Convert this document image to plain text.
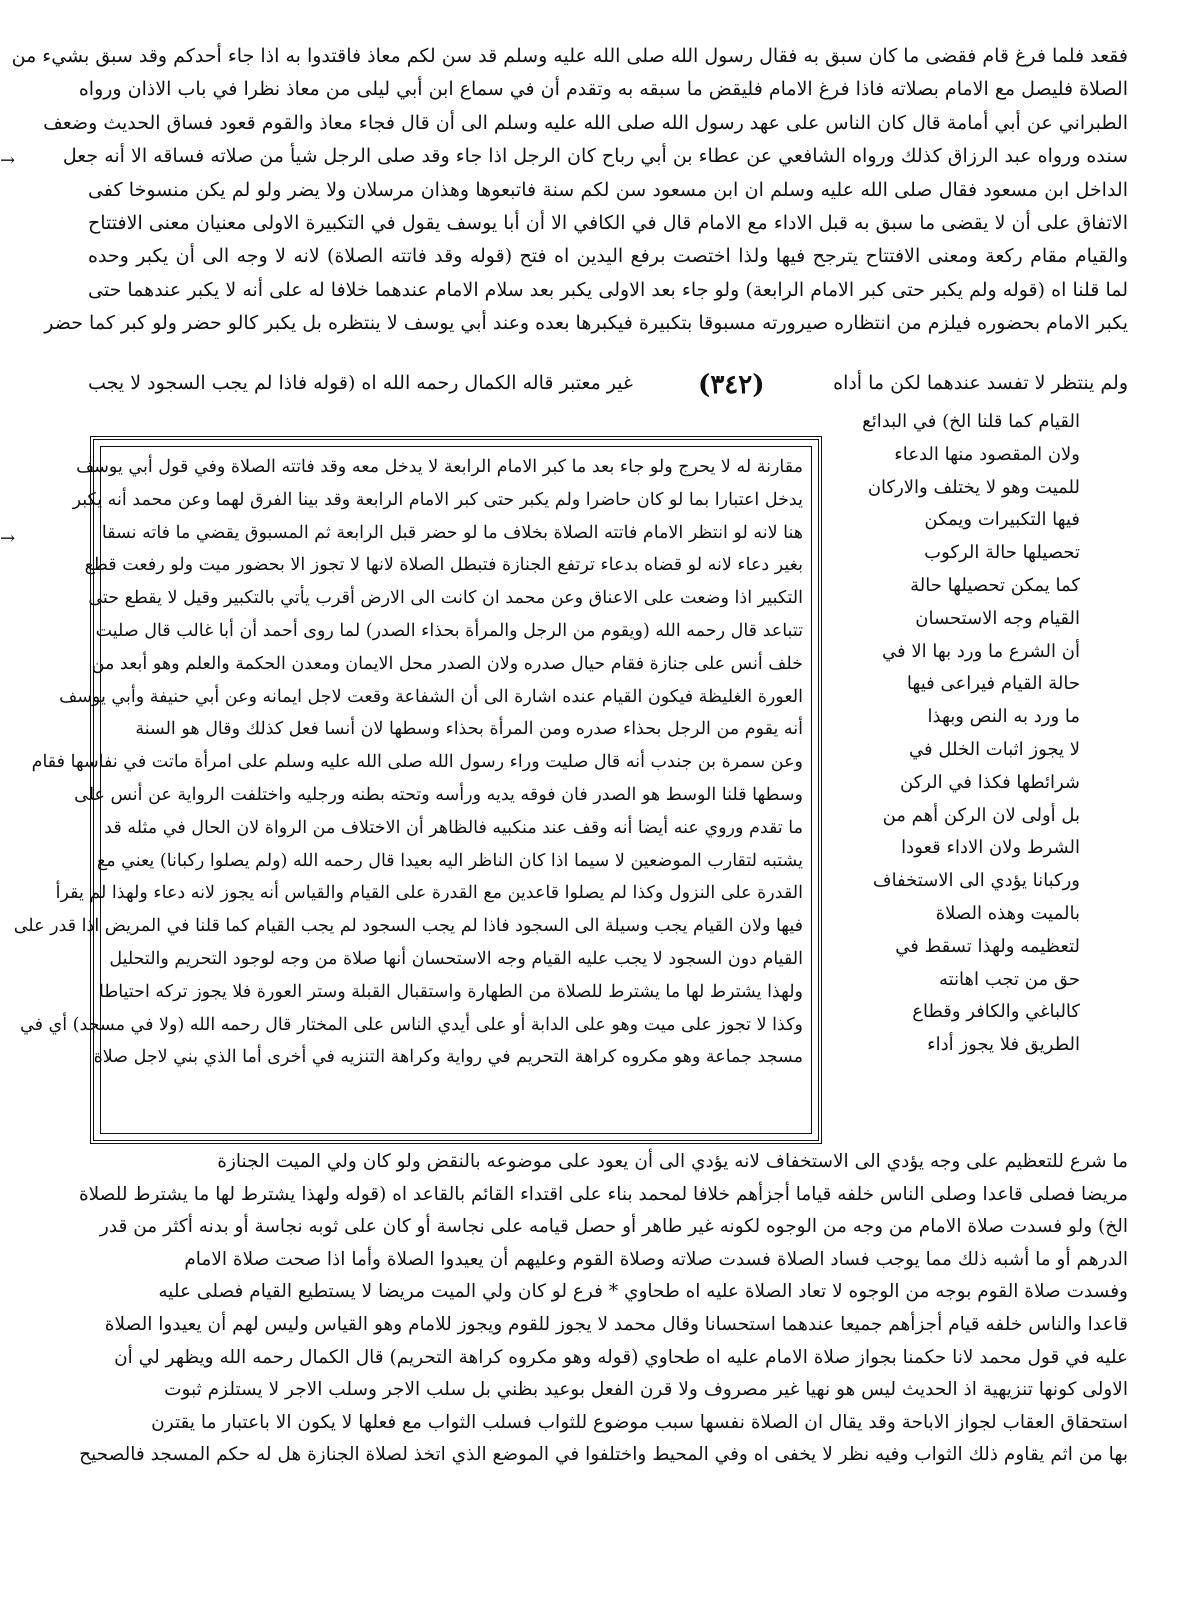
فقعد فلما فرغ قام فقضى ما كان سبق به فقال رسول الله صلى الله عليه وسلم قد سن لكم معاذ فاقتدوا به اذا جاء أحدكم وقد سبق بشيء من

الصلاة فليصل مع الامام بصلاته فاذا فرغ الامام فليقض ما سبقه به وتقدم أن في سماع ابن أبي ليلى من معاذ نظرا في باب الاذان ورواه

الطبراني عن أبي أمامة قال كان الناس على عهد رسول الله صلى الله عليه وسلم الى أن قال فجاء معاذ والقوم قعود فساق الحديث وضعف

سنده ورواه عبد الرزاق كذلك ورواه الشافعي عن عطاء بن أبي رباح كان الرجل اذا جاء وقد صلى الرجل شيأ من صلاته فساقه الا أنه جعل

الداخل ابن مسعود فقال صلى الله عليه وسلم ان ابن مسعود سن لكم سنة فاتبعوها وهذان مرسلان ولا يضر ولو لم يكن منسوخا كفى

الاتفاق على أن لا يقضى ما سبق به قبل الاداء مع الامام قال في الكافي الا أن أبا يوسف يقول في التكبيرة الاولى معنيان معنى الافتتاح

والقيام مقام ركعة ومعنى الافتتاح يترجح فيها ولذا اختصت برفع اليدين اه فتح (قوله وقد فاتته الصلاة) لانه لا وجه الى أن يكبر وحده

لما قلنا اه (قوله ولم يكبر حتى كبر الامام الرابعة) ولو جاء بعد الاولى يكبر بعد سلام الامام عندهما خلافا له على أنه لا يكبر عندهما حتى

يكبر الامام بحضوره فيلزم من انتظاره صيرورته مسبوقا بتكبيرة فيكبرها بعده وعند أبي يوسف لا ينتظره بل يكبر كالو حضر ولو كبر كما حضر

ولم ينتظر لا تفسد عندهما لكن ما أداه
(٣٤٢)
غير معتبر قاله الكمال رحمه الله اه (قوله فاذا لم يجب السجود لا يجب

القيام كما قلنا الخ) في البدائع

ولان المقصود منها الدعاء

للميت وهو لا يختلف والاركان

فيها التكبيرات ويمكن

تحصيلها حالة الركوب

كما يمكن تحصيلها حالة

القيام وجه الاستحسان

أن الشرع ما ورد بها الا في

حالة القيام فيراعى فيها

ما ورد به النص وبهذا

لا يجوز اثبات الخلل في

شرائطها فكذا في الركن

بل أولى لان الركن أهم من

الشرط ولان الاداء قعودا

وركبانا يؤدي الى الاستخفاف

بالميت وهذه الصلاة

لتعظيمه ولهذا تسقط في

حق من تجب اهانته

كالباغي والكافر وقطاع

الطريق فلا يجوز أداء

مقارنة له لا يحرج ولو جاء بعد ما كبر الامام الرابعة لا يدخل معه وقد فاتته الصلاة وفي قول أبي يوسف

يدخل اعتبارا بما لو كان حاضرا ولم يكبر حتى كبر الامام الرابعة وقد بينا الفرق لهما وعن محمد أنه يكبر

هنا لانه لو انتظر الامام فاتته الصلاة بخلاف ما لو حضر قبل الرابعة ثم المسبوق يقضي ما فاته نسقا

بغير دعاء لانه لو قضاه بدعاء ترتفع الجنازة فتبطل الصلاة لانها لا تجوز الا بحضور ميت ولو رفعت قطع

التكبير اذا وضعت على الاعناق وعن محمد ان كانت الى الارض أقرب يأتي بالتكبير وقيل لا يقطع حتى

تتباعد قال رحمه الله (ويقوم من الرجل والمرأة بحذاء الصدر) لما روى أحمد أن أبا غالب قال صليت

خلف أنس على جنازة فقام حيال صدره ولان الصدر محل الايمان ومعدن الحكمة والعلم وهو أبعد من

العورة الغليظة فيكون القيام عنده اشارة الى أن الشفاعة وقعت لاجل ايمانه وعن أبي حنيفة وأبي يوسف

أنه يقوم من الرجل بحذاء صدره ومن المرأة بحذاء وسطها لان أنسا فعل كذلك وقال هو السنة

وعن سمرة بن جندب أنه قال صليت وراء رسول الله صلى الله عليه وسلم على امرأة ماتت في نفاسها فقام

وسطها قلنا الوسط هو الصدر فان فوقه يديه ورأسه وتحته بطنه ورجليه واختلفت الرواية عن أنس على

ما تقدم وروي عنه أيضا أنه وقف عند منكبيه فالظاهر أن الاختلاف من الرواة لان الحال في مثله قد

يشتبه لتقارب الموضعين لا سيما اذا كان الناظر اليه بعيدا قال رحمه الله (ولم يصلوا ركبانا) يعني مع

القدرة على النزول وكذا لم يصلوا قاعدين مع القدرة على القيام والقياس أنه يجوز لانه دعاء ولهذا لم يقرأ

فيها ولان القيام يجب وسيلة الى السجود فاذا لم يجب السجود لم يجب القيام كما قلنا في المريض اذا قدر على

القيام دون السجود لا يجب عليه القيام وجه الاستحسان أنها صلاة من وجه لوجود التحريم والتحليل

ولهذا يشترط لها ما يشترط للصلاة من الطهارة واستقبال القبلة وستر العورة فلا يجوز تركه احتياطا

وكذا لا تجوز على ميت وهو على الدابة أو على أيدي الناس على المختار قال رحمه الله (ولا في مسجد) أي في

مسجد جماعة وهو مكروه كراهة التحريم في رواية وكراهة التنزيه في أخرى أما الذي بني لاجل صلاة

ما شرع للتعظيم على وجه يؤدي الى الاستخفاف لانه يؤدي الى أن يعود على موضوعه بالنقض ولو كان ولي الميت الجنازة

مريضا فصلى قاعدا وصلى الناس خلفه قياما أجزأهم خلافا لمحمد بناء على اقتداء القائم بالقاعد اه (قوله ولهذا يشترط لها ما يشترط للصلاة

الخ) ولو فسدت صلاة الامام من وجه من الوجوه لكونه غير طاهر أو حصل قيامه على نجاسة أو كان على ثوبه نجاسة أو بدنه أكثر من قدر

الدرهم أو ما أشبه ذلك مما يوجب فساد الصلاة فسدت صلاته وصلاة القوم وعليهم أن يعيدوا الصلاة وأما اذا صحت صلاة الامام

وفسدت صلاة القوم بوجه من الوجوه لا تعاد الصلاة عليه اه طحاوي * فرع لو كان ولي الميت مريضا لا يستطيع القيام فصلى عليه

قاعدا والناس خلفه قيام أجزأهم جميعا عندهما استحسانا وقال محمد لا يجوز للقوم ويجوز للامام وهو القياس وليس لهم أن يعيدوا الصلاة

عليه في قول محمد لانا حكمنا بجواز صلاة الامام عليه اه طحاوي (قوله وهو مكروه كراهة التحريم) قال الكمال رحمه الله ويظهر لي أن

الاولى كونها تنزيهية اذ الحديث ليس هو نهيا غير مصروف ولا قرن الفعل بوعيد بظني بل سلب الاجر وسلب الاجر لا يستلزم ثبوت

استحقاق العقاب لجواز الاباحة وقد يقال ان الصلاة نفسها سبب موضوع للثواب فسلب الثواب مع فعلها لا يكون الا باعتبار ما يقترن

بها من اثم يقاوم ذلك الثواب وفيه نظر لا يخفى اه وفي المحيط واختلفوا في الموضع الذي اتخذ لصلاة الجنازة هل له حكم المسجد فالصحيح

→
→
